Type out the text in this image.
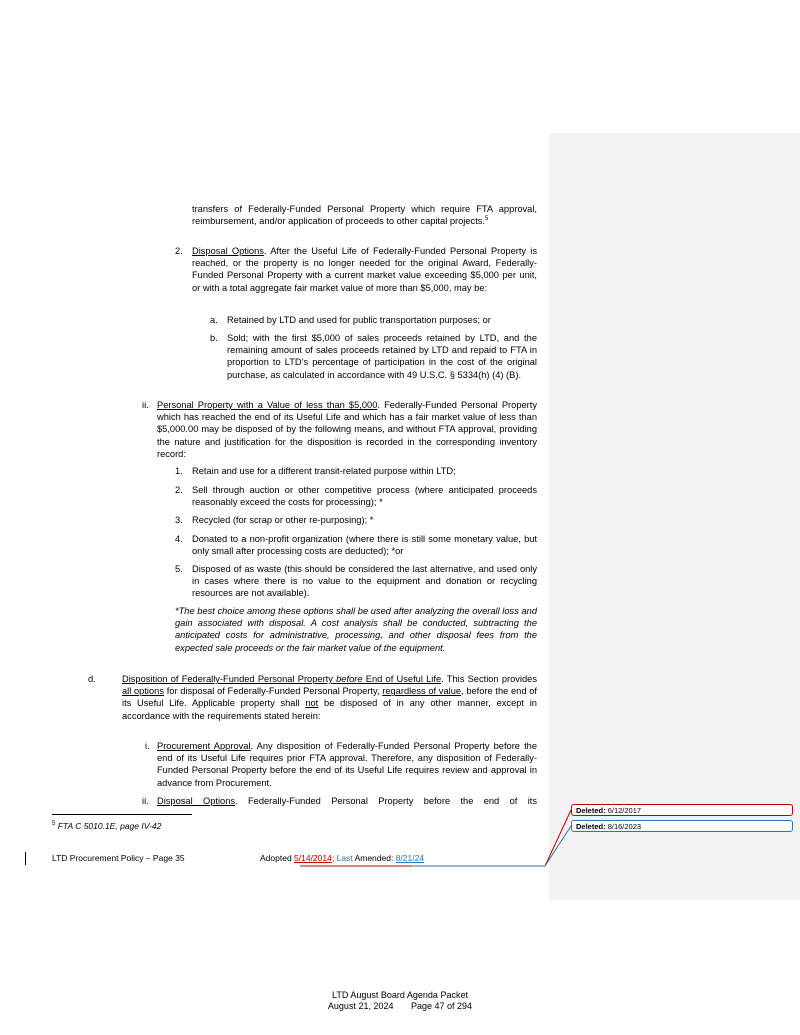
transfers of Federally-Funded Personal Property which require FTA approval, reimbursement, and/or application of proceeds to other capital projects.$^5$

2. Disposal Options. After the Useful Life of Federally-Funded Personal Property is reached, or the property is no longer needed for the original Award, Federally-Funded Personal Property with a current market value exceeding $5,000 per unit, or with a total aggregate fair market value of more than $5,000, may be:

a. Retained by LTD and used for public transportation purposes; or

b. Sold; with the first $5,000 of sales proceeds retained by LTD, and the remaining amount of sales proceeds retained by LTD and repaid to FTA in proportion to LTD’s percentage of participation in the cost of the original purchase, as calculated in accordance with 49 U.S.C. § 5334(h) (4) (B).

ii. Personal Property with a Value of less than $5,000. Federally-Funded Personal Property which has reached the end of its Useful Life and which has a fair market value of less than $5,000.00 may be disposed of by the following means, and without FTA approval, providing the nature and justification for the disposition is recorded in the corresponding inventory record:

1. Retain and use for a different transit-related purpose within LTD;

2. Sell through auction or other competitive process (where anticipated proceeds reasonably exceed the costs for processing); *

3. Recycled (for scrap or other re-purposing); *

4. Donated to a non-profit organization (where there is still some monetary value, but only small after processing costs are deducted); *or

5. Disposed of as waste (this should be considered the last alternative, and used only in cases where there is no value to the equipment and donation or recycling resources are not available).

*The best choice among these options shall be used after analyzing the overall loss and gain associated with disposal. A cost analysis shall be conducted, subtracting the anticipated costs for administrative, processing, and other disposal fees from the expected sale proceeds or the fair market value of the equipment.

d.	Disposition of Federally-Funded Personal Property before End of Useful Life. This Section provides all options for disposal of Federally-Funded Personal Property, regardless of value, before the end of its Useful Life. Applicable property shall not be disposed of in any other manner, except in accordance with the requirements stated herein:

i. Procurement Approval. Any disposition of Federally-Funded Personal Property before the end of its Useful Life requires prior FTA approval. Therefore, any disposition of Federally-Funded Personal Property before the end of its Useful Life requires review and approval in advance from Procurement.

ii. Disposal Options. Federally-Funded Personal Property before the end of its

$^5$ FTA C 5010.1E, page IV-42

LTD Procurement Policy – Page 35	Adopted 5/14/2014; Last Amended: 8/21/24
Deleted: 6/12/2017
Deleted: 8/16/2023
LTD August Board Agenda Packet
August 21, 2024 Page 47 of 294
